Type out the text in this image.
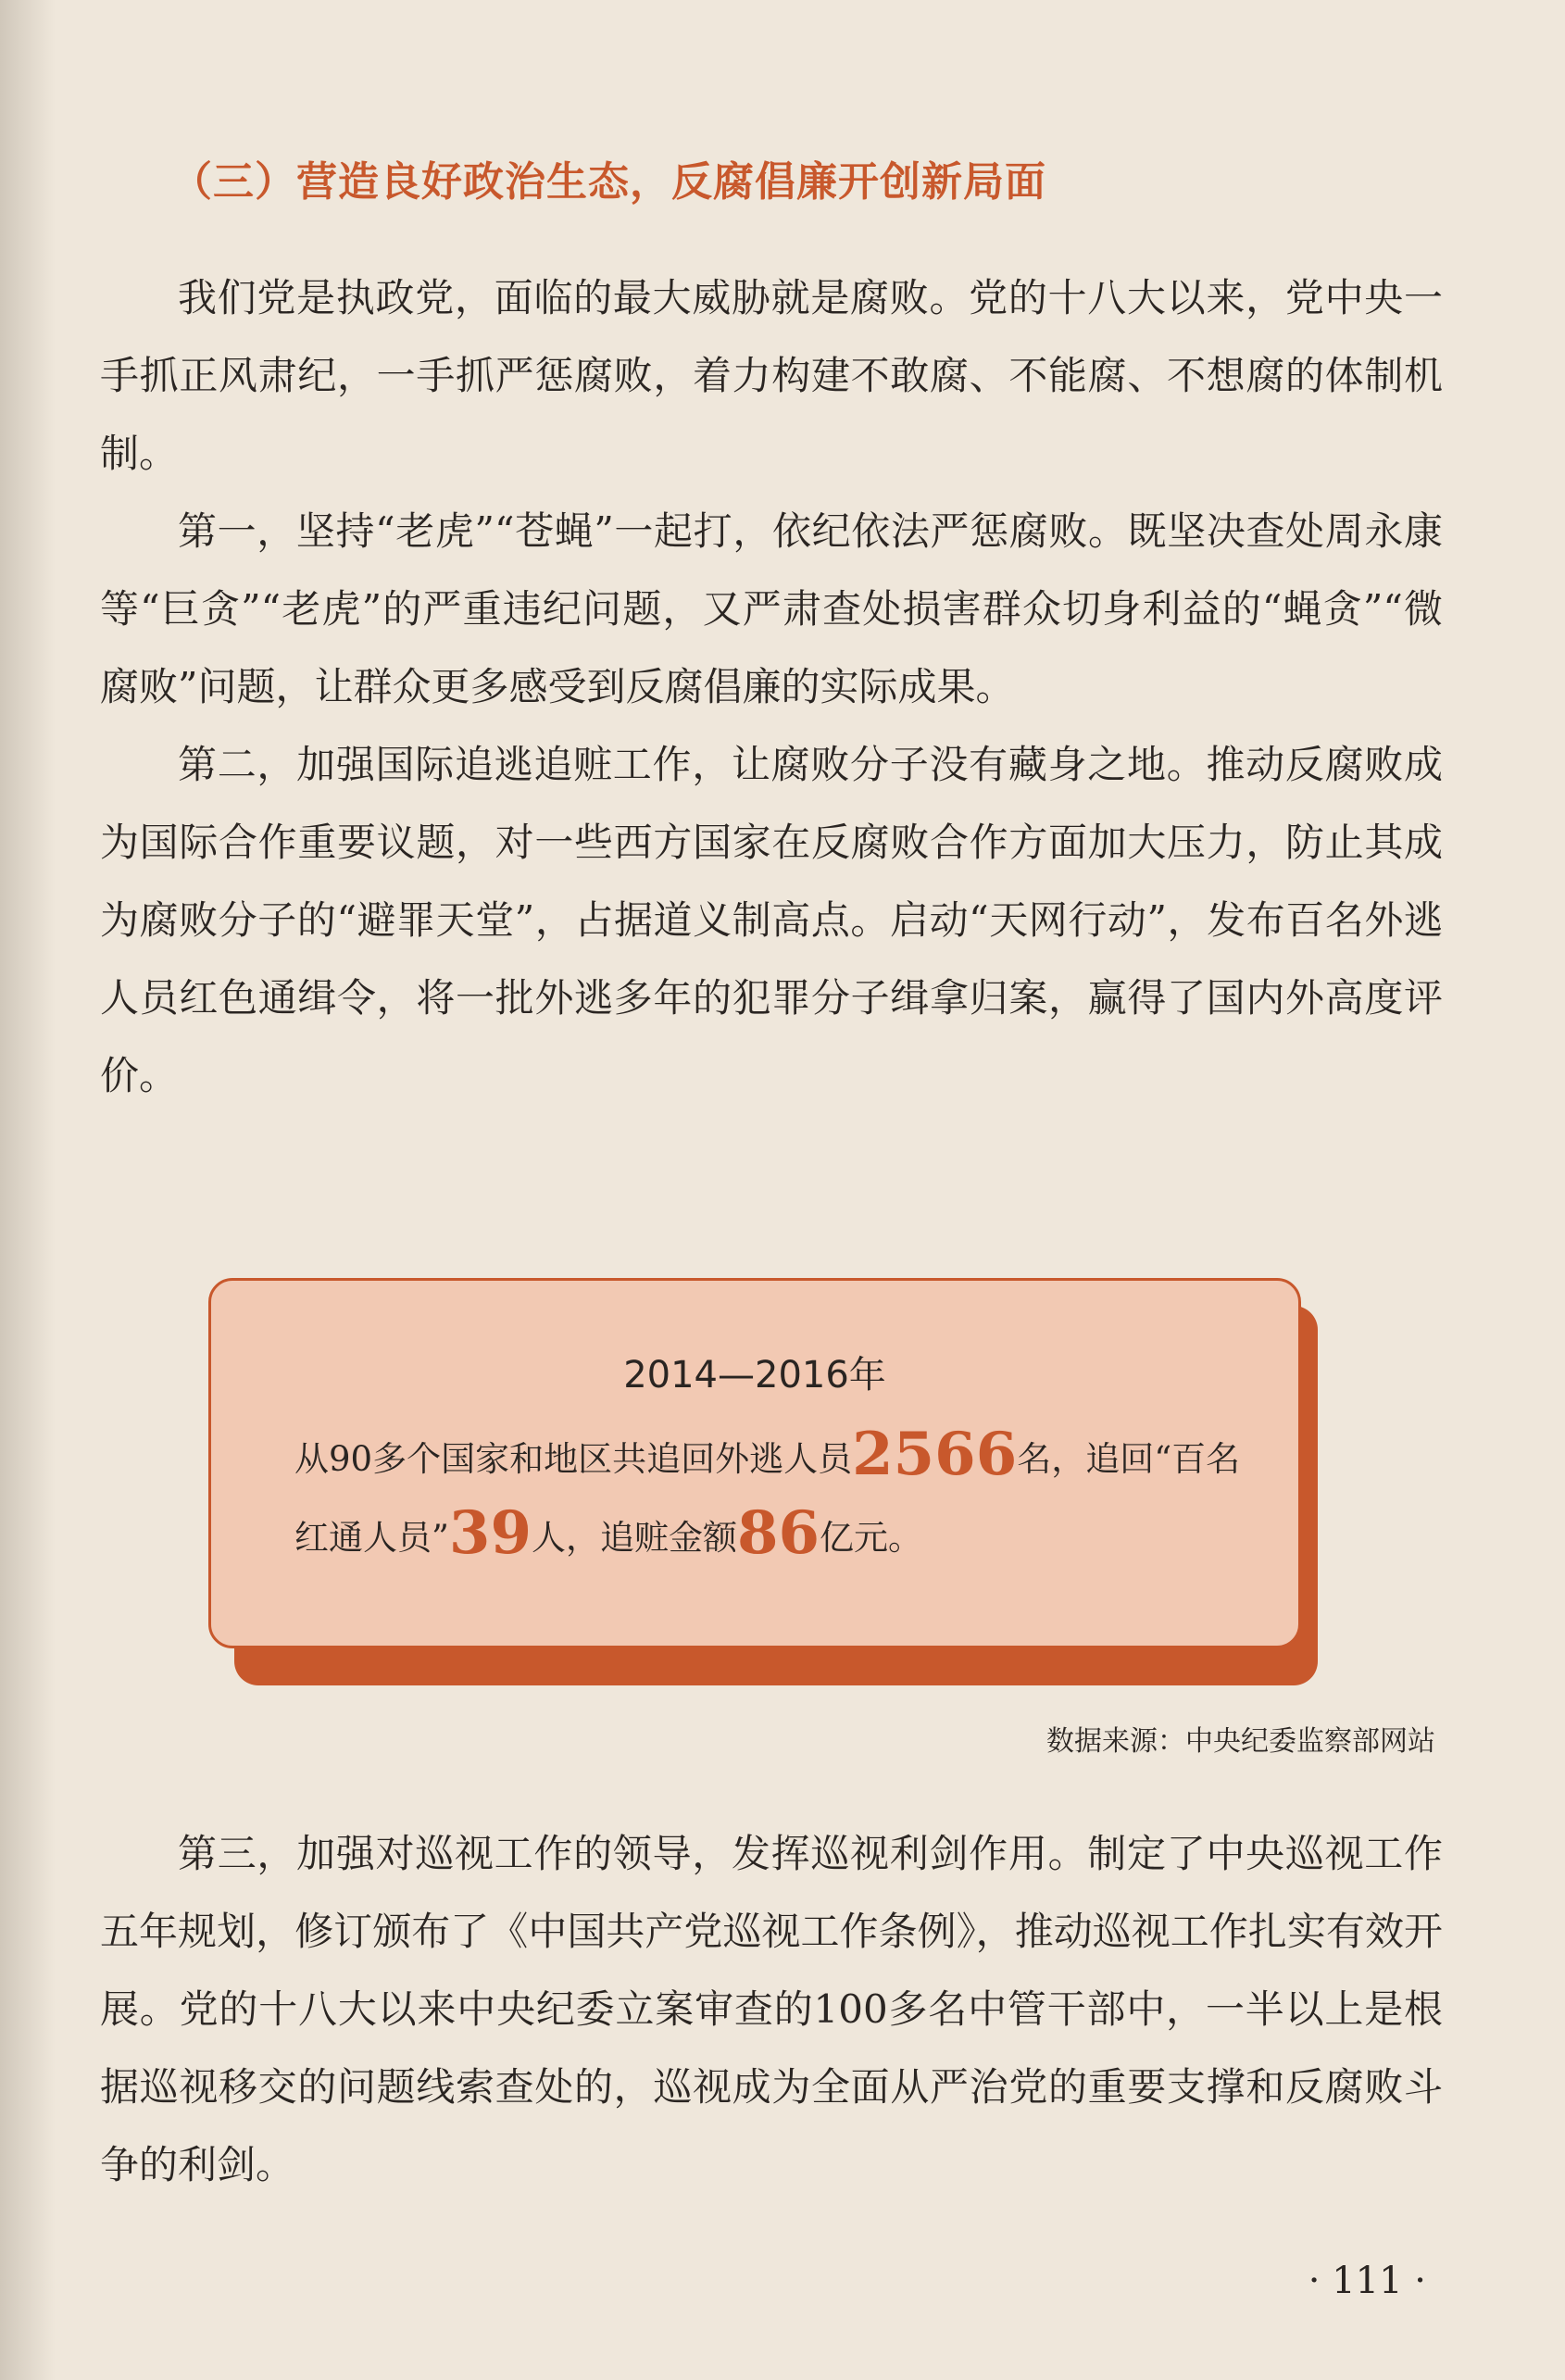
（三）营造良好政治生态，反腐倡廉开创新局面

我们党是执政党，面临的最大威胁就是腐败。党的十八大以来，党中央一手抓正风肃纪，一手抓严惩腐败，着力构建不敢腐、不能腐、不想腐的体制机制。

第一，坚持“老虎”“苍蝇”一起打，依纪依法严惩腐败。既坚决查处周永康等“巨贪”“老虎”的严重违纪问题，又严肃查处损害群众切身利益的“蝇贪”“微腐败”问题，让群众更多感受到反腐倡廉的实际成果。

第二，加强国际追逃追赃工作，让腐败分子没有藏身之地。推动反腐败成为国际合作重要议题，对一些西方国家在反腐败合作方面加大压力，防止其成为腐败分子的“避罪天堂”，占据道义制高点。启动“天网行动”，发布百名外逃人员红色通缉令，将一批外逃多年的犯罪分子缉拿归案，赢得了国内外高度评价。

2014—2016年
从90多个国家和地区共追回外逃人员2566名，追回“百名
红通人员”39人，追赃金额86亿元。
数据来源：中央纪委监察部网站

第三，加强对巡视工作的领导，发挥巡视利剑作用。制定了中央巡视工作五年规划，修订颁布了《中国共产党巡视工作条例》，推动巡视工作扎实有效开展。党的十八大以来中央纪委立案审查的100多名中管干部中，一半以上是根据巡视移交的问题线索查处的，巡视成为全面从严治党的重要支撑和反腐败斗争的利剑。

· 111 ·
